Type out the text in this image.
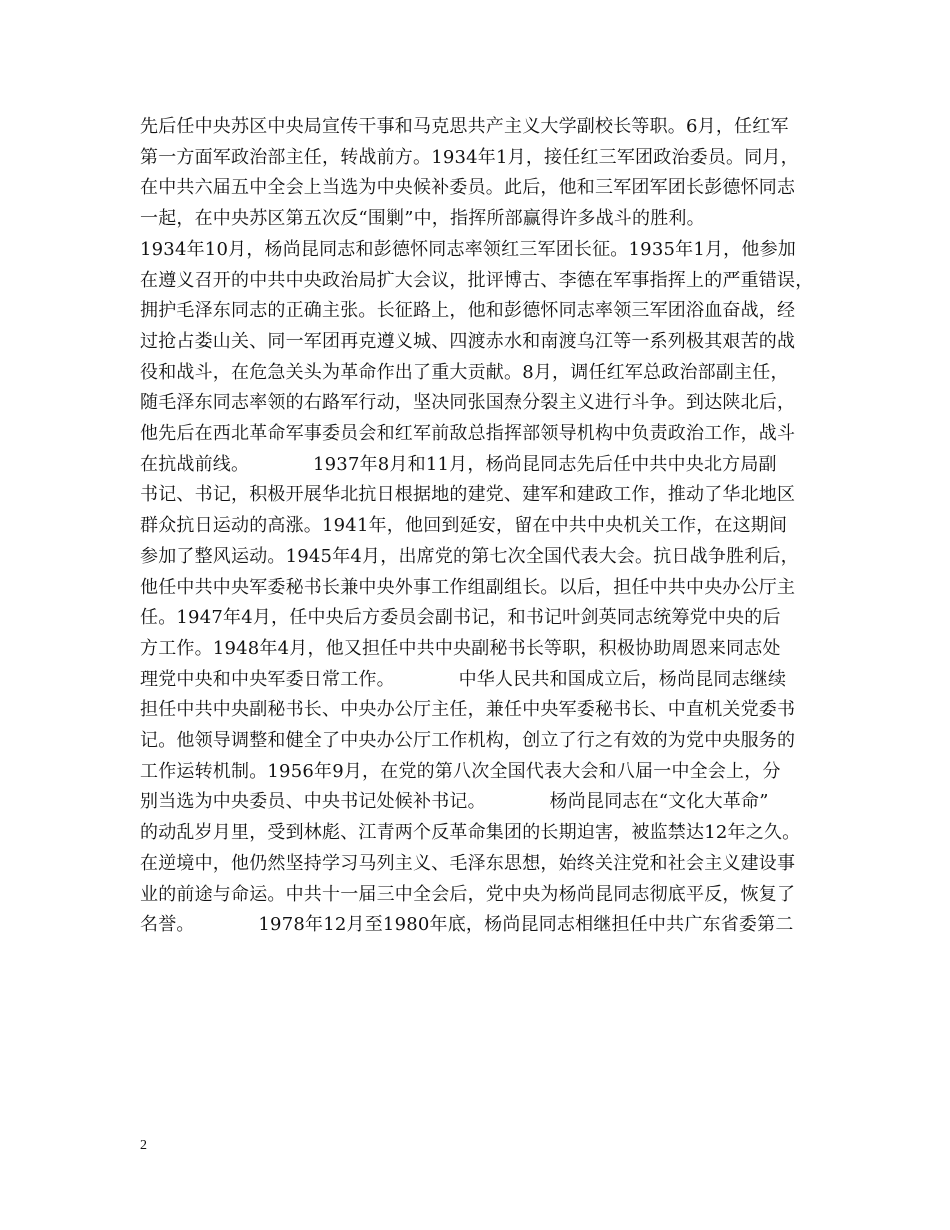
先后任中央苏区中央局宣传干事和马克思共产主义大学副校长等职。6月，任红军
第一方面军政治部主任，转战前方。1934年1月，接任红三军团政治委员。同月，
在中共六届五中全会上当选为中央候补委员。此后，他和三军团军团长彭德怀同志
一起，在中央苏区第五次反“围剿”中，指挥所部赢得许多战斗的胜利。
1934年10月，杨尚昆同志和彭德怀同志率领红三军团长征。1935年1月，他参加
在遵义召开的中共中央政治局扩大会议，批评博古、李德在军事指挥上的严重错误，
拥护毛泽东同志的正确主张。长征路上，他和彭德怀同志率领三军团浴血奋战，经
过抢占娄山关、同一军团再克遵义城、四渡赤水和南渡乌江等一系列极其艰苦的战
役和战斗，在危急关头为革命作出了重大贡献。8月，调任红军总政治部副主任，
随毛泽东同志率领的右路军行动，坚决同张国焘分裂主义进行斗争。到达陕北后，
他先后在西北革命军事委员会和红军前敌总指挥部领导机构中负责政治工作，战斗
在抗战前线。　　　　1937年8月和11月，杨尚昆同志先后任中共中央北方局副
书记、书记，积极开展华北抗日根据地的建党、建军和建政工作，推动了华北地区
群众抗日运动的高涨。1941年，他回到延安，留在中共中央机关工作，在这期间
参加了整风运动。1945年4月，出席党的第七次全国代表大会。抗日战争胜利后，
他任中共中央军委秘书长兼中央外事工作组副组长。以后，担任中共中央办公厅主
任。1947年4月，任中央后方委员会副书记，和书记叶剑英同志统筹党中央的后
方工作。1948年4月，他又担任中共中央副秘书长等职，积极协助周恩来同志处
理党中央和中央军委日常工作。　　　　中华人民共和国成立后，杨尚昆同志继续
担任中共中央副秘书长、中央办公厅主任，兼任中央军委秘书长、中直机关党委书
记。他领导调整和健全了中央办公厅工作机构，创立了行之有效的为党中央服务的
工作运转机制。1956年9月，在党的第八次全国代表大会和八届一中全会上，分
别当选为中央委员、中央书记处候补书记。　　　　杨尚昆同志在“文化大革命”
的动乱岁月里，受到林彪、江青两个反革命集团的长期迫害，被监禁达12年之久。
在逆境中，他仍然坚持学习马列主义、毛泽东思想，始终关注党和社会主义建设事
业的前途与命运。中共十一届三中全会后，党中央为杨尚昆同志彻底平反，恢复了
名誉。　　　　1978年12月至1980年底，杨尚昆同志相继担任中共广东省委第二
2
